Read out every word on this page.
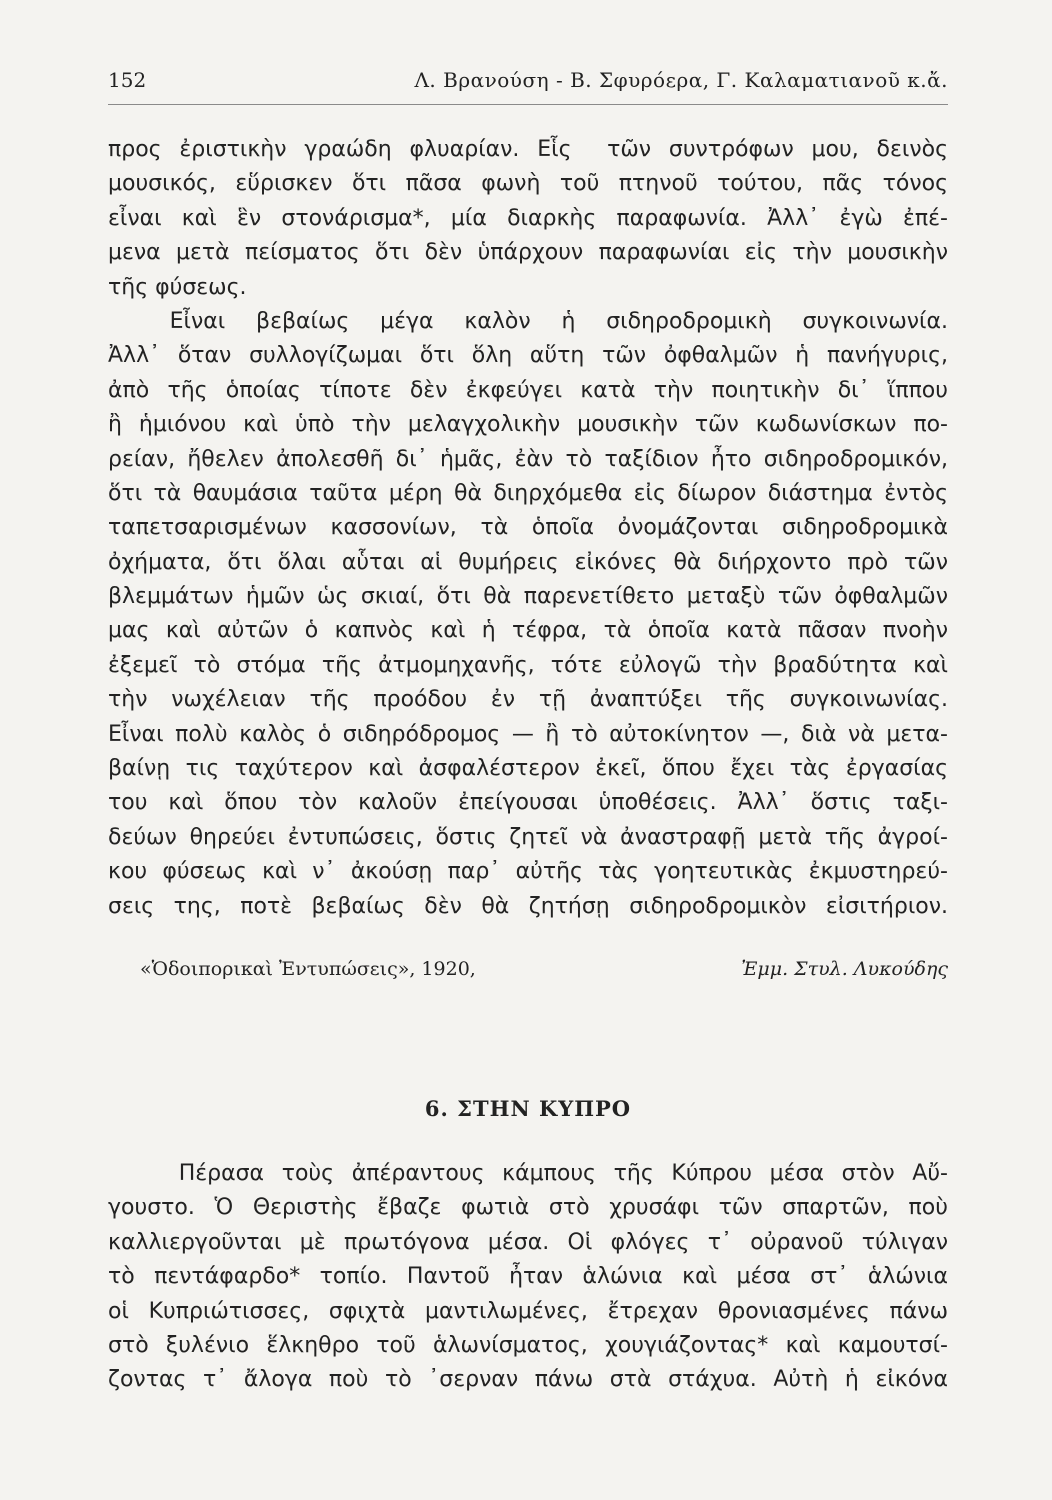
152	Λ. Βρανούση - Β. Σφυρόερα, Γ. Καλαματιανοῦ κ.ἄ.
προς ἐριστικὴν γραώδη φλυαρίαν. Εἷς  τῶν συντρόφων μου, δεινὸς
μουσικός, εὕρισκεν ὅτι πᾶσα φωνὴ τοῦ πτηνοῦ τούτου, πᾶς τόνος
εἶναι καὶ ἓν στονάρισμα*, μία διαρκὴς παραφωνία. Ἀλλ᾽ ἐγὼ ἐπέ-
μενα μετὰ πείσματος ὅτι δὲν ὑπάρχουν παραφωνίαι εἰς τὴν μουσικὴν
τῆς φύσεως.
Εἶναι βεβαίως μέγα καλὸν ἡ σιδηροδρομικὴ συγκοινωνία.
Ἀλλ᾽ ὅταν συλλογίζωμαι ὅτι ὅλη αὕτη τῶν ὀφθαλμῶν ἡ πανήγυρις,
ἀπὸ τῆς ὁποίας τίποτε δὲν ἐκφεύγει κατὰ τὴν ποιητικὴν δι᾽ ἵππου
ἢ ἡμιόνου καὶ ὑπὸ τὴν μελαγχολικὴν μουσικὴν τῶν κωδωνίσκων πο-
ρείαν, ἤθελεν ἀπολεσθῆ δι᾽ ἡμᾶς, ἐὰν τὸ ταξίδιον ἦτο σιδηροδρομικόν,
ὅτι τὰ θαυμάσια ταῦτα μέρη θὰ διηρχόμεθα εἰς δίωρον διάστημα ἐντὸς
ταπετσαρισμένων κασσονίων, τὰ ὁποῖα ὀνομάζονται σιδηροδρομικὰ
ὀχήματα, ὅτι ὅλαι αὗται αἱ θυμήρεις εἰκόνες θὰ διήρχοντο πρὸ τῶν
βλεμμάτων ἡμῶν ὡς σκιαί, ὅτι θὰ παρενετίθετο μεταξὺ τῶν ὀφθαλμῶν
μας καὶ αὐτῶν ὁ καπνὸς καὶ ἡ τέφρα, τὰ ὁποῖα κατὰ πᾶσαν πνοὴν
ἐξεμεῖ τὸ στόμα τῆς ἀτμομηχανῆς, τότε εὐλογῶ τὴν βραδύτητα καὶ
τὴν νωχέλειαν τῆς προόδου ἐν τῇ ἀναπτύξει τῆς συγκοινωνίας.
Εἶναι πολὺ καλὸς ὁ σιδηρόδρομος — ἢ τὸ αὐτοκίνητον —, διὰ νὰ μετα-
βαίνῃ τις ταχύτερον καὶ ἀσφαλέστερον ἐκεῖ, ὅπου ἔχει τὰς ἐργασίας
του καὶ ὅπου τὸν καλοῦν ἐπείγουσαι ὑποθέσεις. Ἀλλ᾽ ὅστις ταξι-
δεύων θηρεύει ἐντυπώσεις, ὅστις ζητεῖ νὰ ἀναστραφῇ μετὰ τῆς ἀγροί-
κου φύσεως καὶ ν᾽ ἀκούσῃ παρ᾽ αὐτῆς τὰς γοητευτικὰς ἐκμυστηρεύ-
σεις της, ποτὲ βεβαίως δὲν θὰ ζητήσῃ σιδηροδρομικὸν εἰσιτήριον.
«Ὁδοιπορικαὶ Ἐντυπώσεις», 1920,	Ἐμμ. Στυλ. Λυκούδης
6. ΣΤΗΝ ΚΥΠΡΟ
Πέρασα τοὺς ἀπέραντους κάμπους τῆς Κύπρου μέσα στὸν Αὔ-
γουστο. Ὁ Θεριστὴς ἔβαζε φωτιὰ στὸ χρυσάφι τῶν σπαρτῶν, ποὺ
καλλιεργοῦνται μὲ πρωτόγονα μέσα. Οἱ φλόγες τ᾽ οὐρανοῦ τύλιγαν
τὸ πεντάφαρδο* τοπίο. Παντοῦ ἦταν ἁλώνια καὶ μέσα στ᾽ ἁλώνια
οἱ Κυπριώτισσες, σφιχτὰ μαντιλωμένες, ἔτρεχαν θρονιασμένες πάνω
στὸ ξυλένιο ἕλκηθρο τοῦ ἁλωνίσματος, χουγιάζοντας* καὶ καμουτσί-
ζοντας τ᾽ ἄλογα ποὺ τὸ ᾽σερναν πάνω στὰ στάχυα. Αὐτὴ ἡ εἰκόνα
